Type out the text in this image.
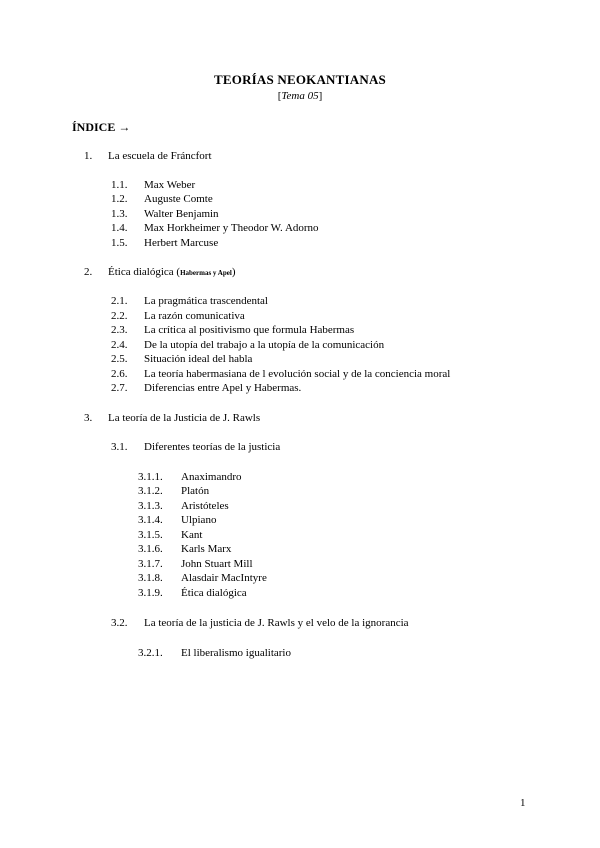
TEORÍAS NEOKANTIANAS
[Tema 05]
ÍNDICE →
1. La escuela de Fráncfort
1.1. Max Weber
1.2. Auguste Comte
1.3. Walter Benjamin
1.4. Max Horkheimer y Theodor W. Adorno
1.5. Herbert Marcuse
2. Ética dialógica (Habermas y Apel)
2.1. La pragmática trascendental
2.2. La razón comunicativa
2.3. La crítica al positivismo que formula Habermas
2.4. De la utopía del trabajo a la utopía de la comunicación
2.5. Situación ideal del habla
2.6. La teoría habermasiana de l evolución social y de la conciencia moral
2.7. Diferencias entre Apel y Habermas.
3. La teoría de la Justicia de J. Rawls
3.1. Diferentes teorías de la justicia
3.1.1. Anaximandro
3.1.2. Platón
3.1.3. Aristóteles
3.1.4. Ulpiano
3.1.5. Kant
3.1.6. Karls Marx
3.1.7. John Stuart Mill
3.1.8. Alasdair MacIntyre
3.1.9. Ética dialógica
3.2. La teoría de la justicia de J. Rawls y el velo de la ignorancia
3.2.1. El liberalismo igualitario
1
